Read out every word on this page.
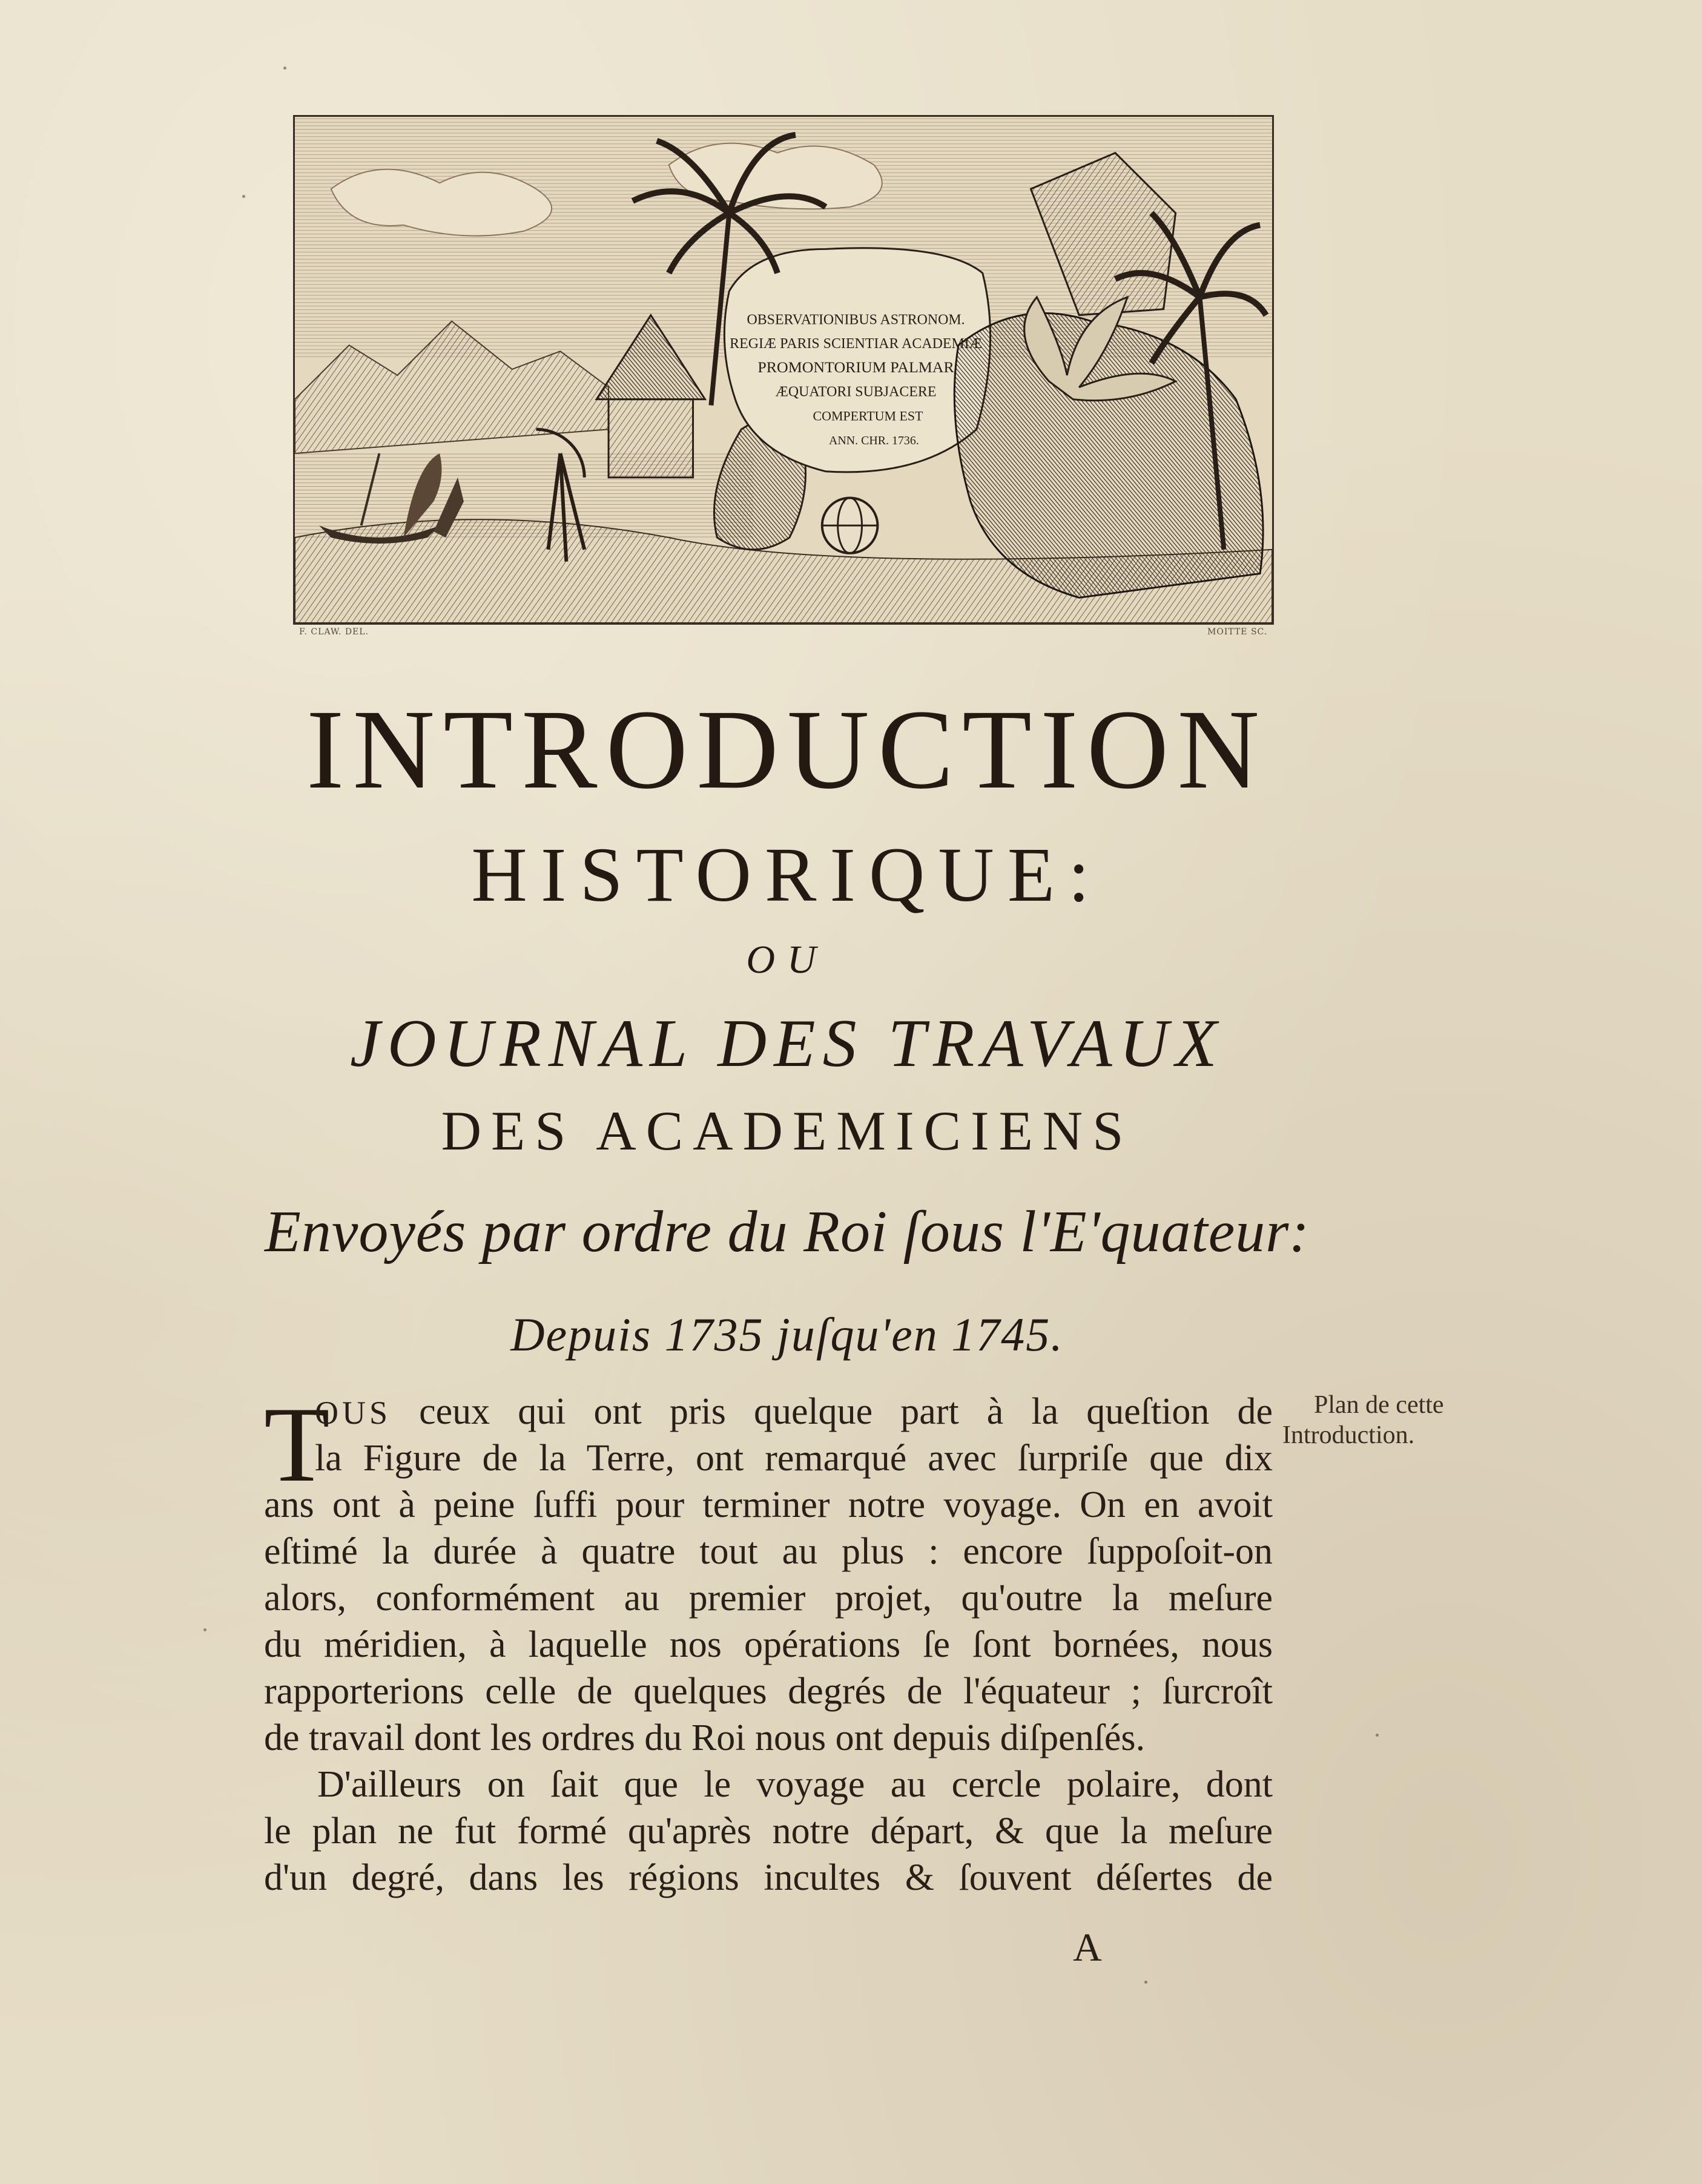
OBSERVATIONIBUS ASTRONOM.
REGIÆ PARIS SCIENTIAR ACADEMIÆ
PROMONTORIUM PALMAR
ÆQUATORI SUBJACERE
COMPERTUM EST
ANN. CHR. 1736.
F. CLAW. DEL.	MOITTE SC.
INTRODUCTION
HISTORIQUE:
OU
JOURNAL DES TRAVAUX
DES ACADEMICIENS
Envoyés par ordre du Roi ſous l'E'quateur:
Depuis 1735 juſqu'en 1745.
T
OUS ceux qui ont pris quelque part à la queſtion de
la Figure de la Terre, ont remarqué avec ſurpriſe que dix
ans ont à peine ſuffi pour terminer notre voyage. On en avoit
eſtimé la durée à quatre tout au plus : encore ſuppoſoit-on
alors, conformément au premier projet, qu'outre la meſure
du méridien, à laquelle nos opérations ſe ſont bornées, nous
rapporterions celle de quelques degrés de l'équateur ; ſurcroît
de travail dont les ordres du Roi nous ont depuis diſpenſés.
D'ailleurs on ſait que le voyage au cercle polaire, dont
le plan ne fut formé qu'après notre départ, & que la meſure
d'un degré, dans les régions incultes & ſouvent déſertes de
Plan de cette
Introduction.
A
